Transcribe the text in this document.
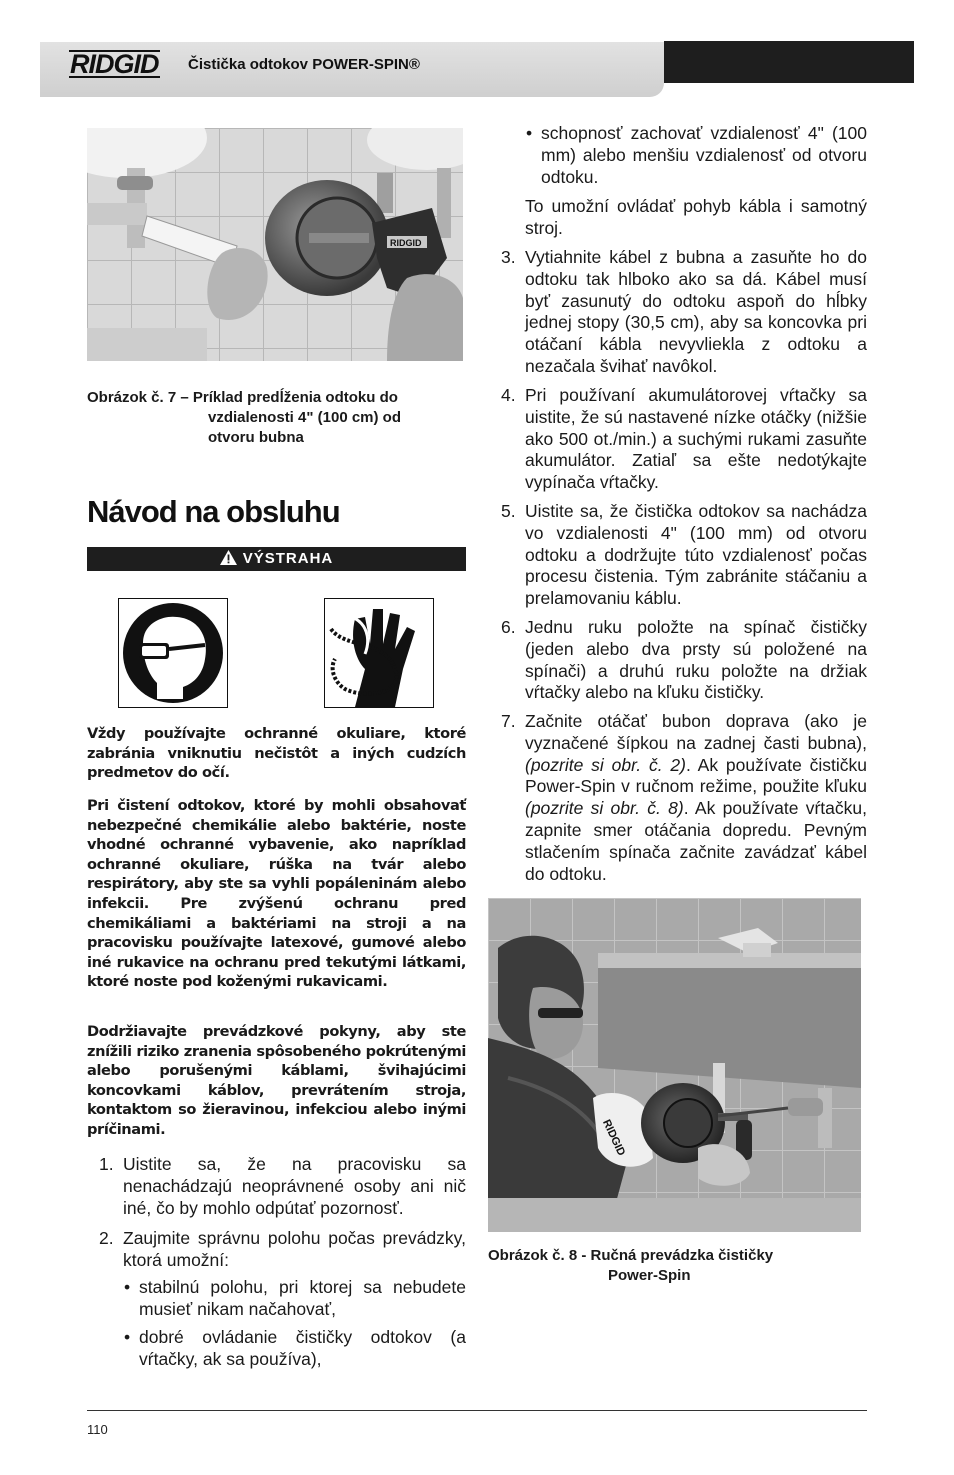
RIDGID Čistička odtokov POWER-SPIN®
RIDGID
Obrázok č. 7 – Príklad predĺženia odtoku do
vzdialenosti 4" (100 cm) od
otvoru bubna
Návod na obsluhu
VÝSTRAHA

Vždy používajte ochranné okuliare, ktoré zabránia vniknutiu nečistôt a iných cudzích predmetov do očí.

Pri čistení odtokov, ktoré by mohli obsahovať nebezpečné chemikálie alebo baktérie, noste vhodné ochranné vybavenie, ako napríklad ochranné okuliare, rúška na tvár alebo respirátory, aby ste sa vyhli popáleninám alebo infekcii. Pre zvýšenú ochranu pred chemikáliami a baktériami na stroji a na pracovisku používajte latexové, gumové alebo iné rukavice na ochranu pred tekutými látkami, ktoré noste pod koženými rukavicami.

Dodržiavajte prevádzkové pokyny, aby ste znížili riziko zranenia spôsobeného pokrútenými alebo porušenými káblami, švihajúcimi koncovkami káblov, prevrátením stroja, kontaktom so žieravinou, infekciou alebo inými príčinami.

1. Uistite sa, že na pracovisku sa nenachádzajú neoprávnené osoby ani nič iné, čo by mohlo odpútať pozornosť.
2. Zaujmite správnu polohu počas prevádzky, ktorá umožní:
• stabilnú polohu, pri ktorej sa nebudete musieť nikam načahovať,
• dobré ovládanie čističky odtokov (a vŕtačky, ak sa používa),
• schopnosť zachovať vzdialenosť 4" (100 mm) alebo menšiu vzdialenosť od otvoru odtoku.
To umožní ovládať pohyb kábla i samotný stroj.
3. Vytiahnite kábel z bubna a zasuňte ho do odtoku tak hlboko ako sa dá. Kábel musí byť zasunutý do odtoku aspoň do hĺbky jednej stopy (30,5 cm), aby sa koncovka pri otáčaní kábla nevyvliekla z odtoku a nezačala švihať navôkol.
4. Pri používaní akumulátorovej vŕtačky sa uistite, že sú nastavené nízke otáčky (nižšie ako 500 ot./min.) a suchými rukami zasuňte akumulátor. Zatiaľ sa ešte nedotýkajte vypínača vŕtačky.
5. Uistite sa, že čistička odtokov sa nachádza vo vzdialenosti 4" (100 mm) od otvoru odtoku a dodržujte túto vzdialenosť počas procesu čistenia. Tým zabránite stáčaniu a prelamovaniu káblu.
6. Jednu ruku položte na spínač čističky (jeden alebo dva prsty sú položené na spínači) a druhú ruku položte na držiak vŕtačky alebo na kľuku čističky.
7. Začnite otáčať bubon doprava (ako je vyznačené šípkou na zadnej časti bubna), (pozrite si obr. č. 2). Ak používate čističku Power-Spin v ručnom režime, použite kľuku (pozrite si obr. č. 8). Ak používate vŕtačku, zapnite smer otáčania dopredu. Pevným stlačením spínača začnite zavádzať kábel do odtoku.
RIDGID
Obrázok č. 8 - Ručná prevádzka čističky
Power-Spin
110
